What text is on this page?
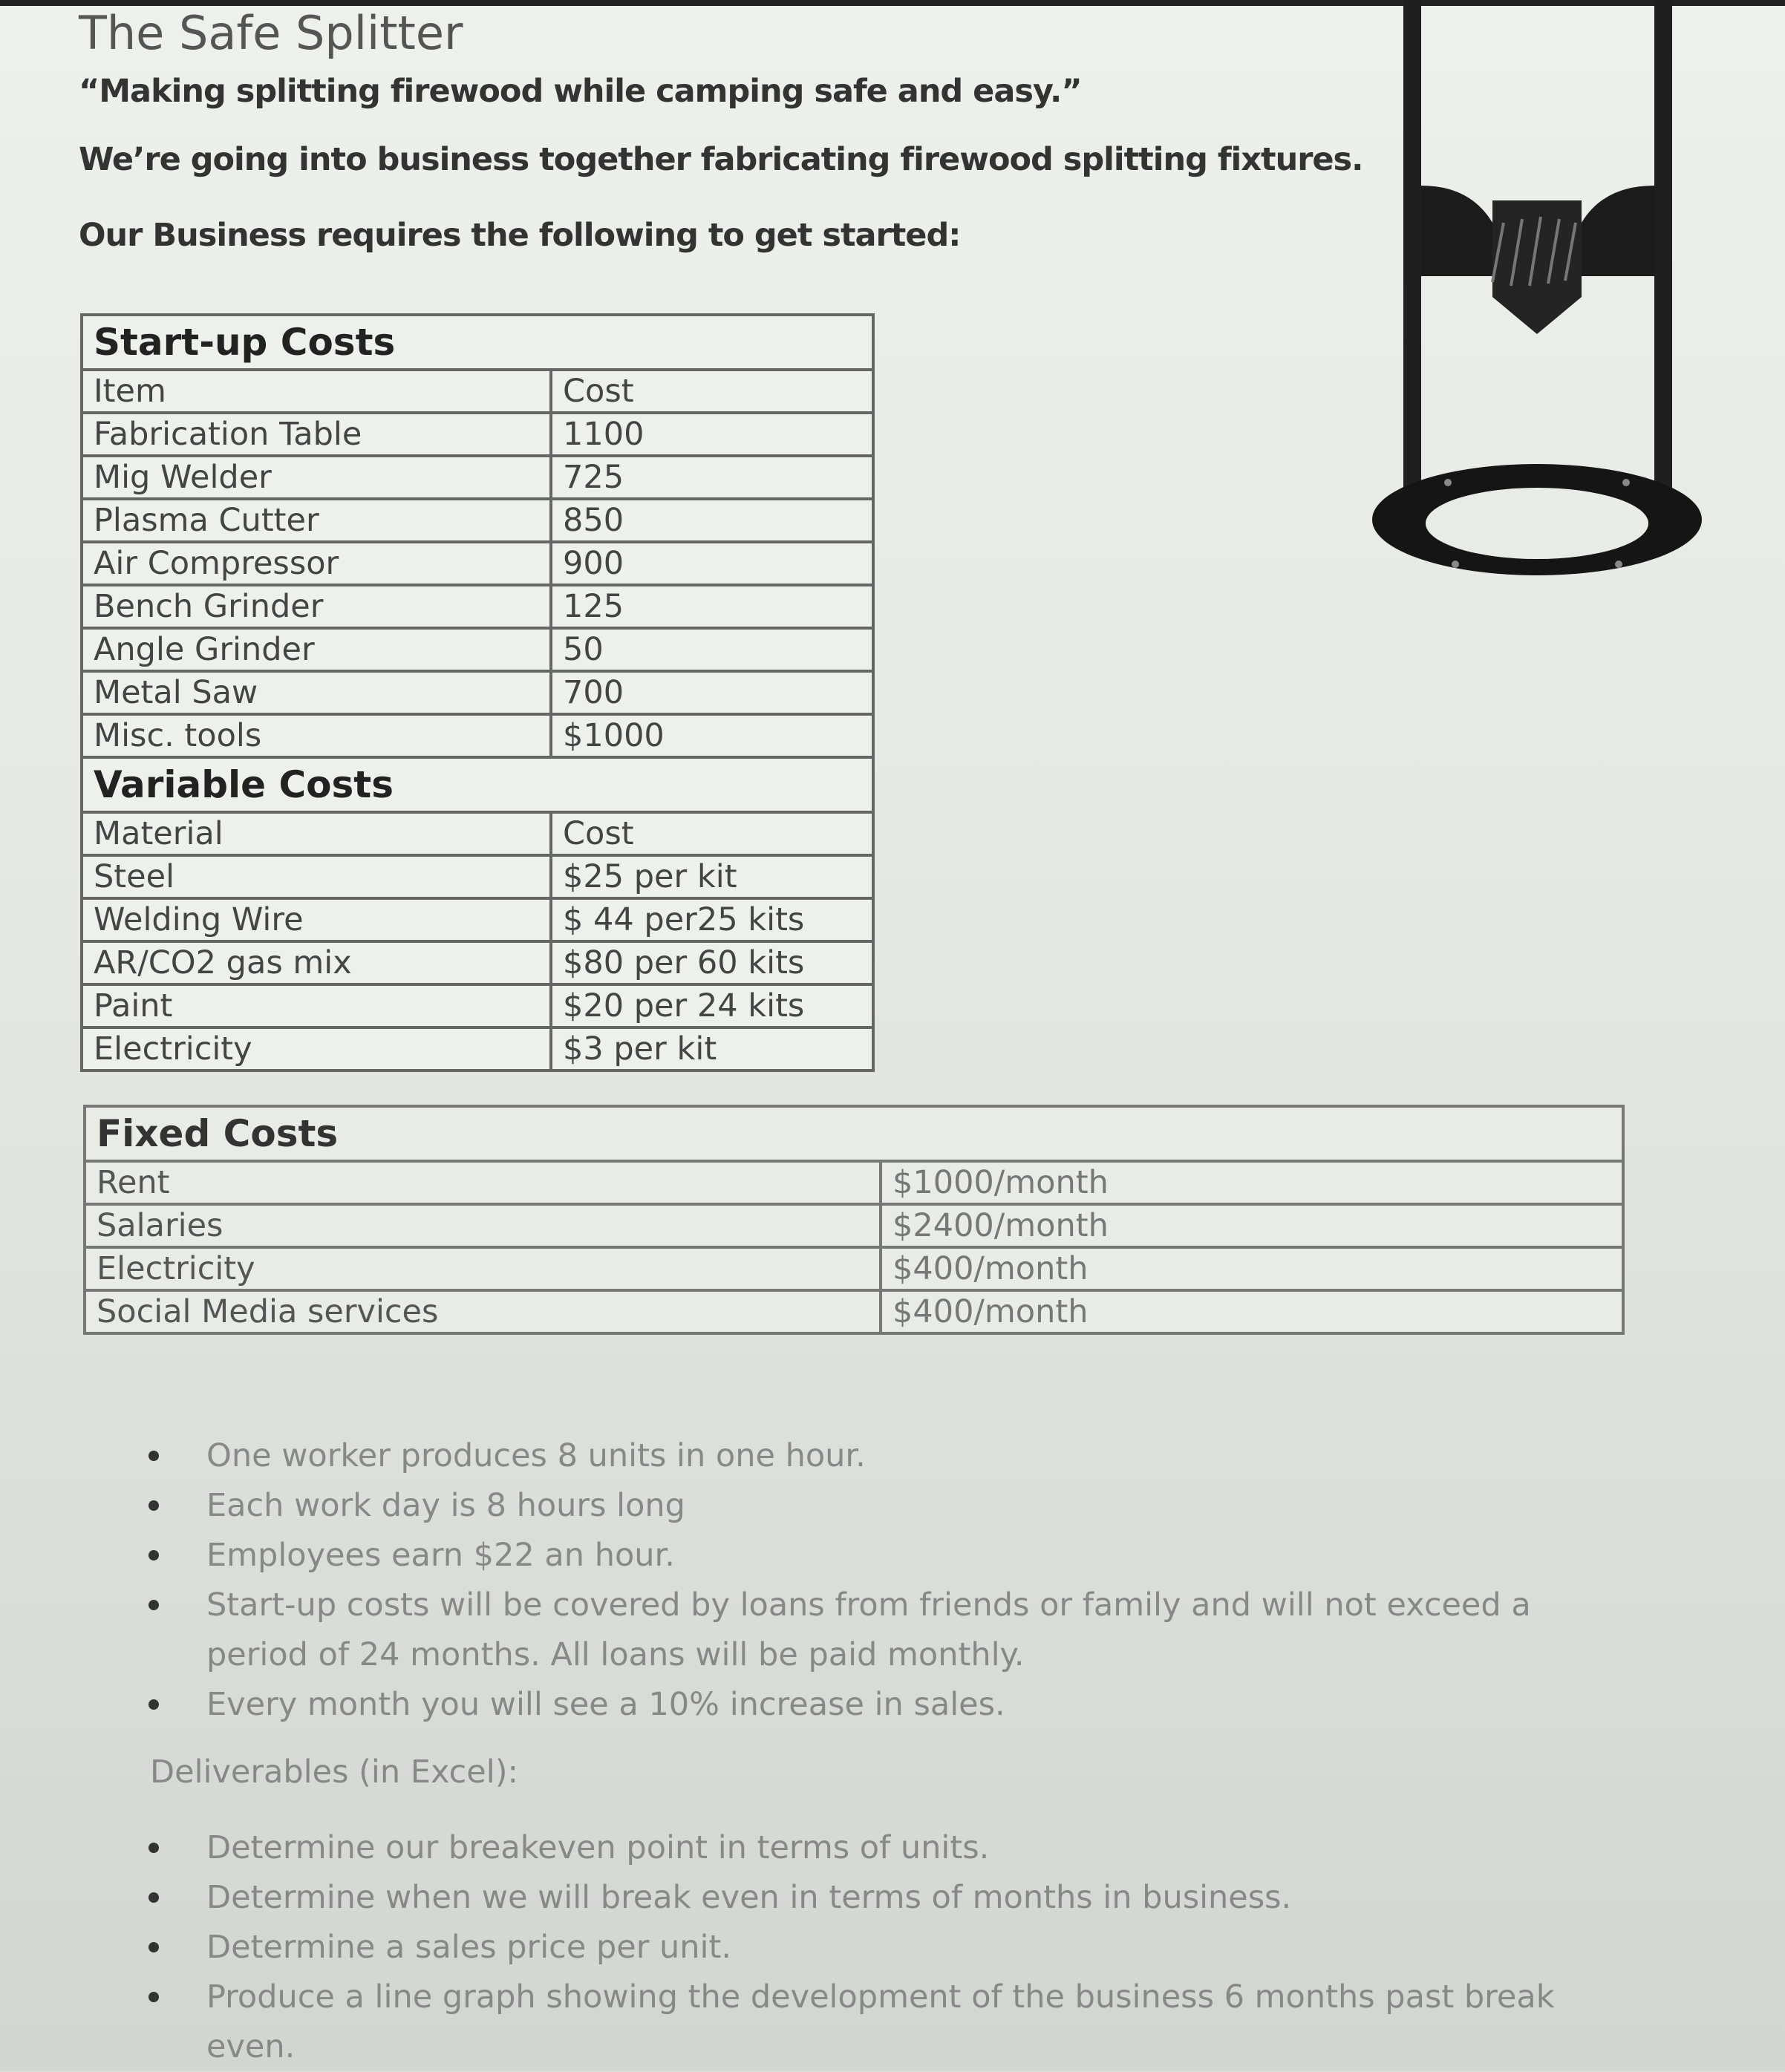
The Safe Splitter
“Making splitting firewood while camping safe and easy.”
We’re going into business together fabricating firewood splitting fixtures.
Our Business requires the following to get started:
Start-up Costs	
Item	Cost
Fabrication Table	1100
Mig Welder	725
Plasma Cutter	850
Air Compressor	900
Bench Grinder	125
Angle Grinder	50
Metal Saw	700
Misc. tools	$1000
Variable Costs	
Material	Cost
Steel	$25 per kit
Welding Wire	$ 44 per25 kits
AR/CO2 gas mix	$80 per 60 kits
Paint	$20 per 24 kits
Electricity	$3 per kit
Fixed Costs	
Rent	$1000/month
Salaries	$2400/month
Electricity	$400/month
Social Media services	$400/month
One worker produces 8 units in one hour.
Each work day is 8 hours long
Employees earn $22 an hour.
Start-up costs will be covered by loans from friends or family and will not exceed a period of 24 months. All loans will be paid monthly.
Every month you will see a 10% increase in sales.
Deliverables (in Excel):
Determine our breakeven point in terms of units.
Determine when we will break even in terms of months in business.
Determine a sales price per unit.
Produce a line graph showing the development of the business 6 months past break even.
